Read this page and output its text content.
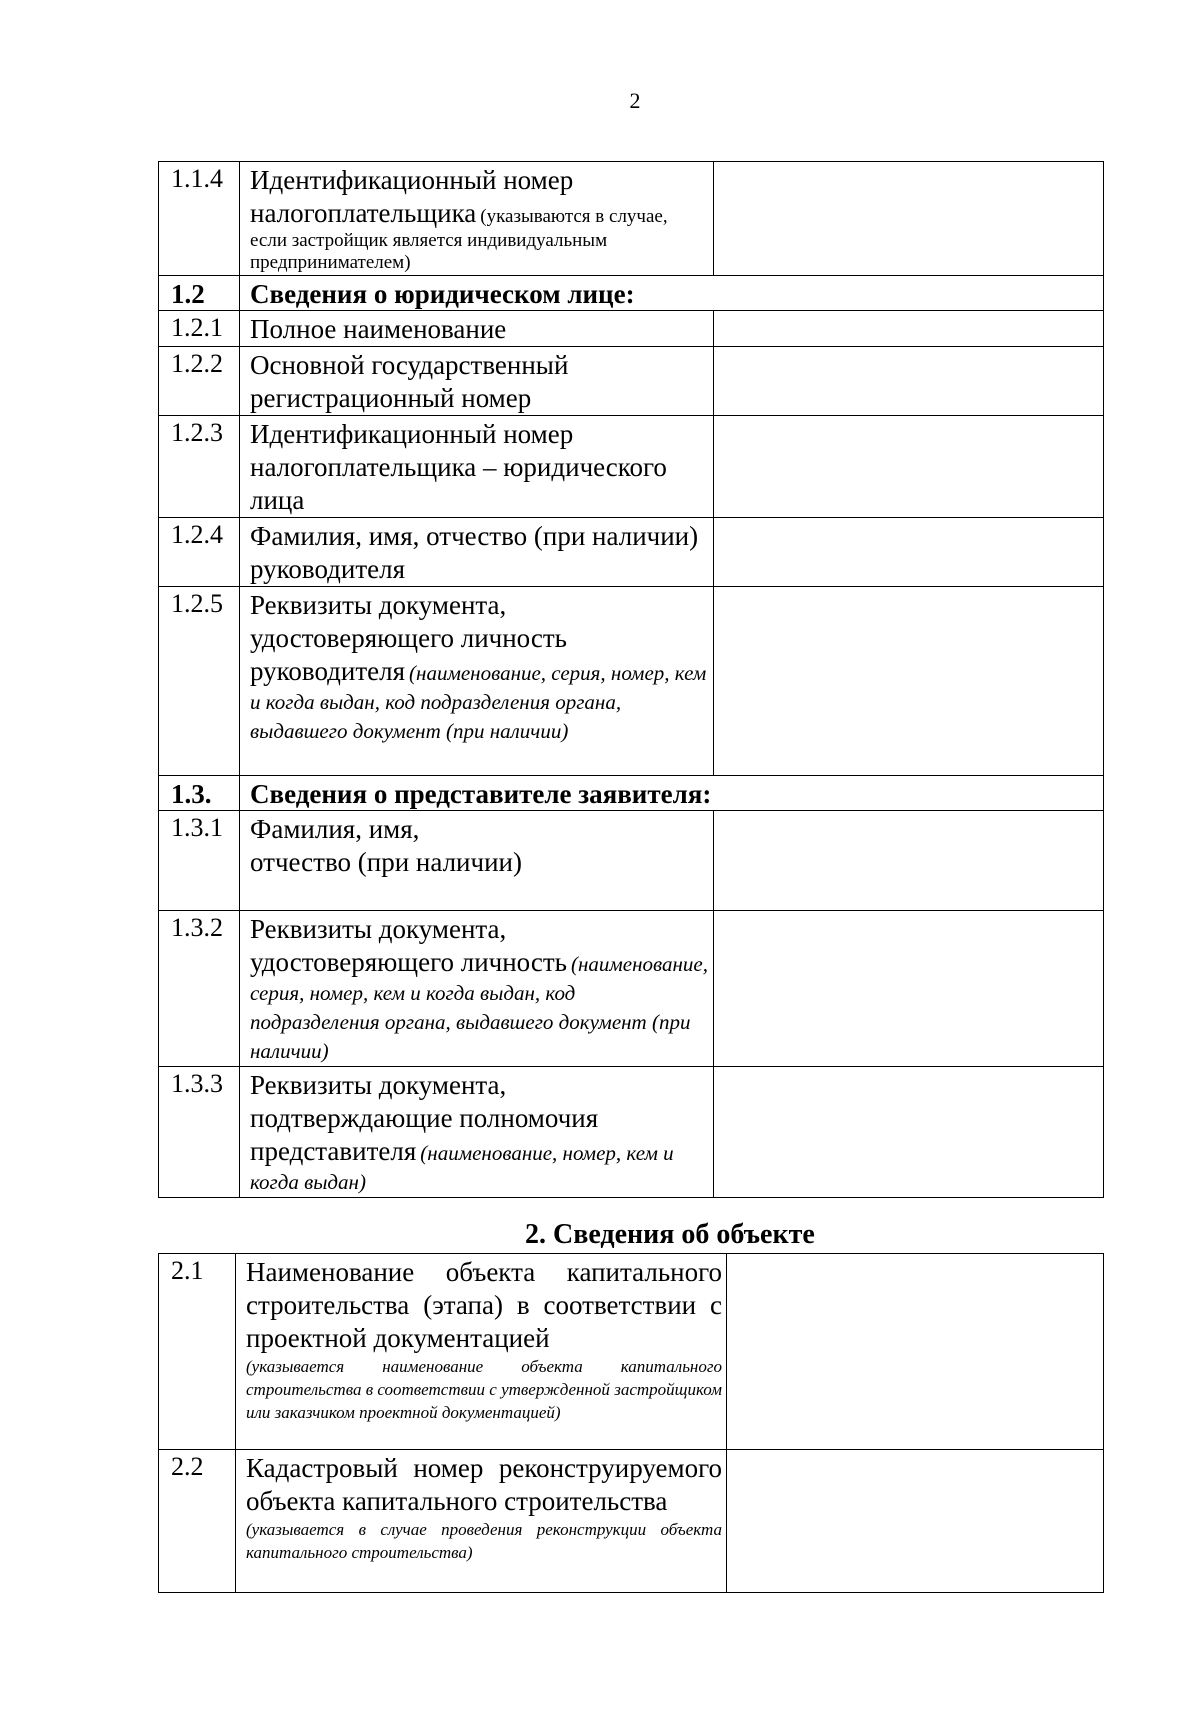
2
1.1.4	Идентификационный номер налогоплательщика (указываются в случае, если застройщик является индивидуальным предпринимателем)	
1.2	Сведения о юридическом лице:	
1.2.1	Полное наименование	
1.2.2	Основной государственный регистрационный номер	
1.2.3	Идентификационный номер налогоплательщика – юридического лица	
1.2.4	Фамилия, имя, отчество (при наличии) руководителя	
1.2.5	Реквизиты документа, удостоверяющего личность руководителя (наименование, серия, номер, кем и когда выдан, код подразделения органа, выдавшего документ (при наличии)	
1.3.	Сведения о представителе заявителя:	
1.3.1	Фамилия, имя,
отчество (при наличии)	

1.3.2	Реквизиты документа, удостоверяющего личность (наименование, серия, номер, кем и когда выдан, код подразделения органа, выдавшего документ (при наличии)	
1.3.3	Реквизиты документа, подтверждающие полномочия представителя (наименование, номер, кем и когда выдан)	
2. Сведения об объекте
2.1	Наименование объекта капитального строительства (этапа) в соответствии с проектной документацией
(указывается наименование объекта капитального строительства в соответствии с утвержденной застройщиком или заказчиком проектной документацией)	

2.2	Кадастровый номер реконструируемого объекта капитального строительства
(указывается в случае проведения реконструкции объекта капитального строительства)	
